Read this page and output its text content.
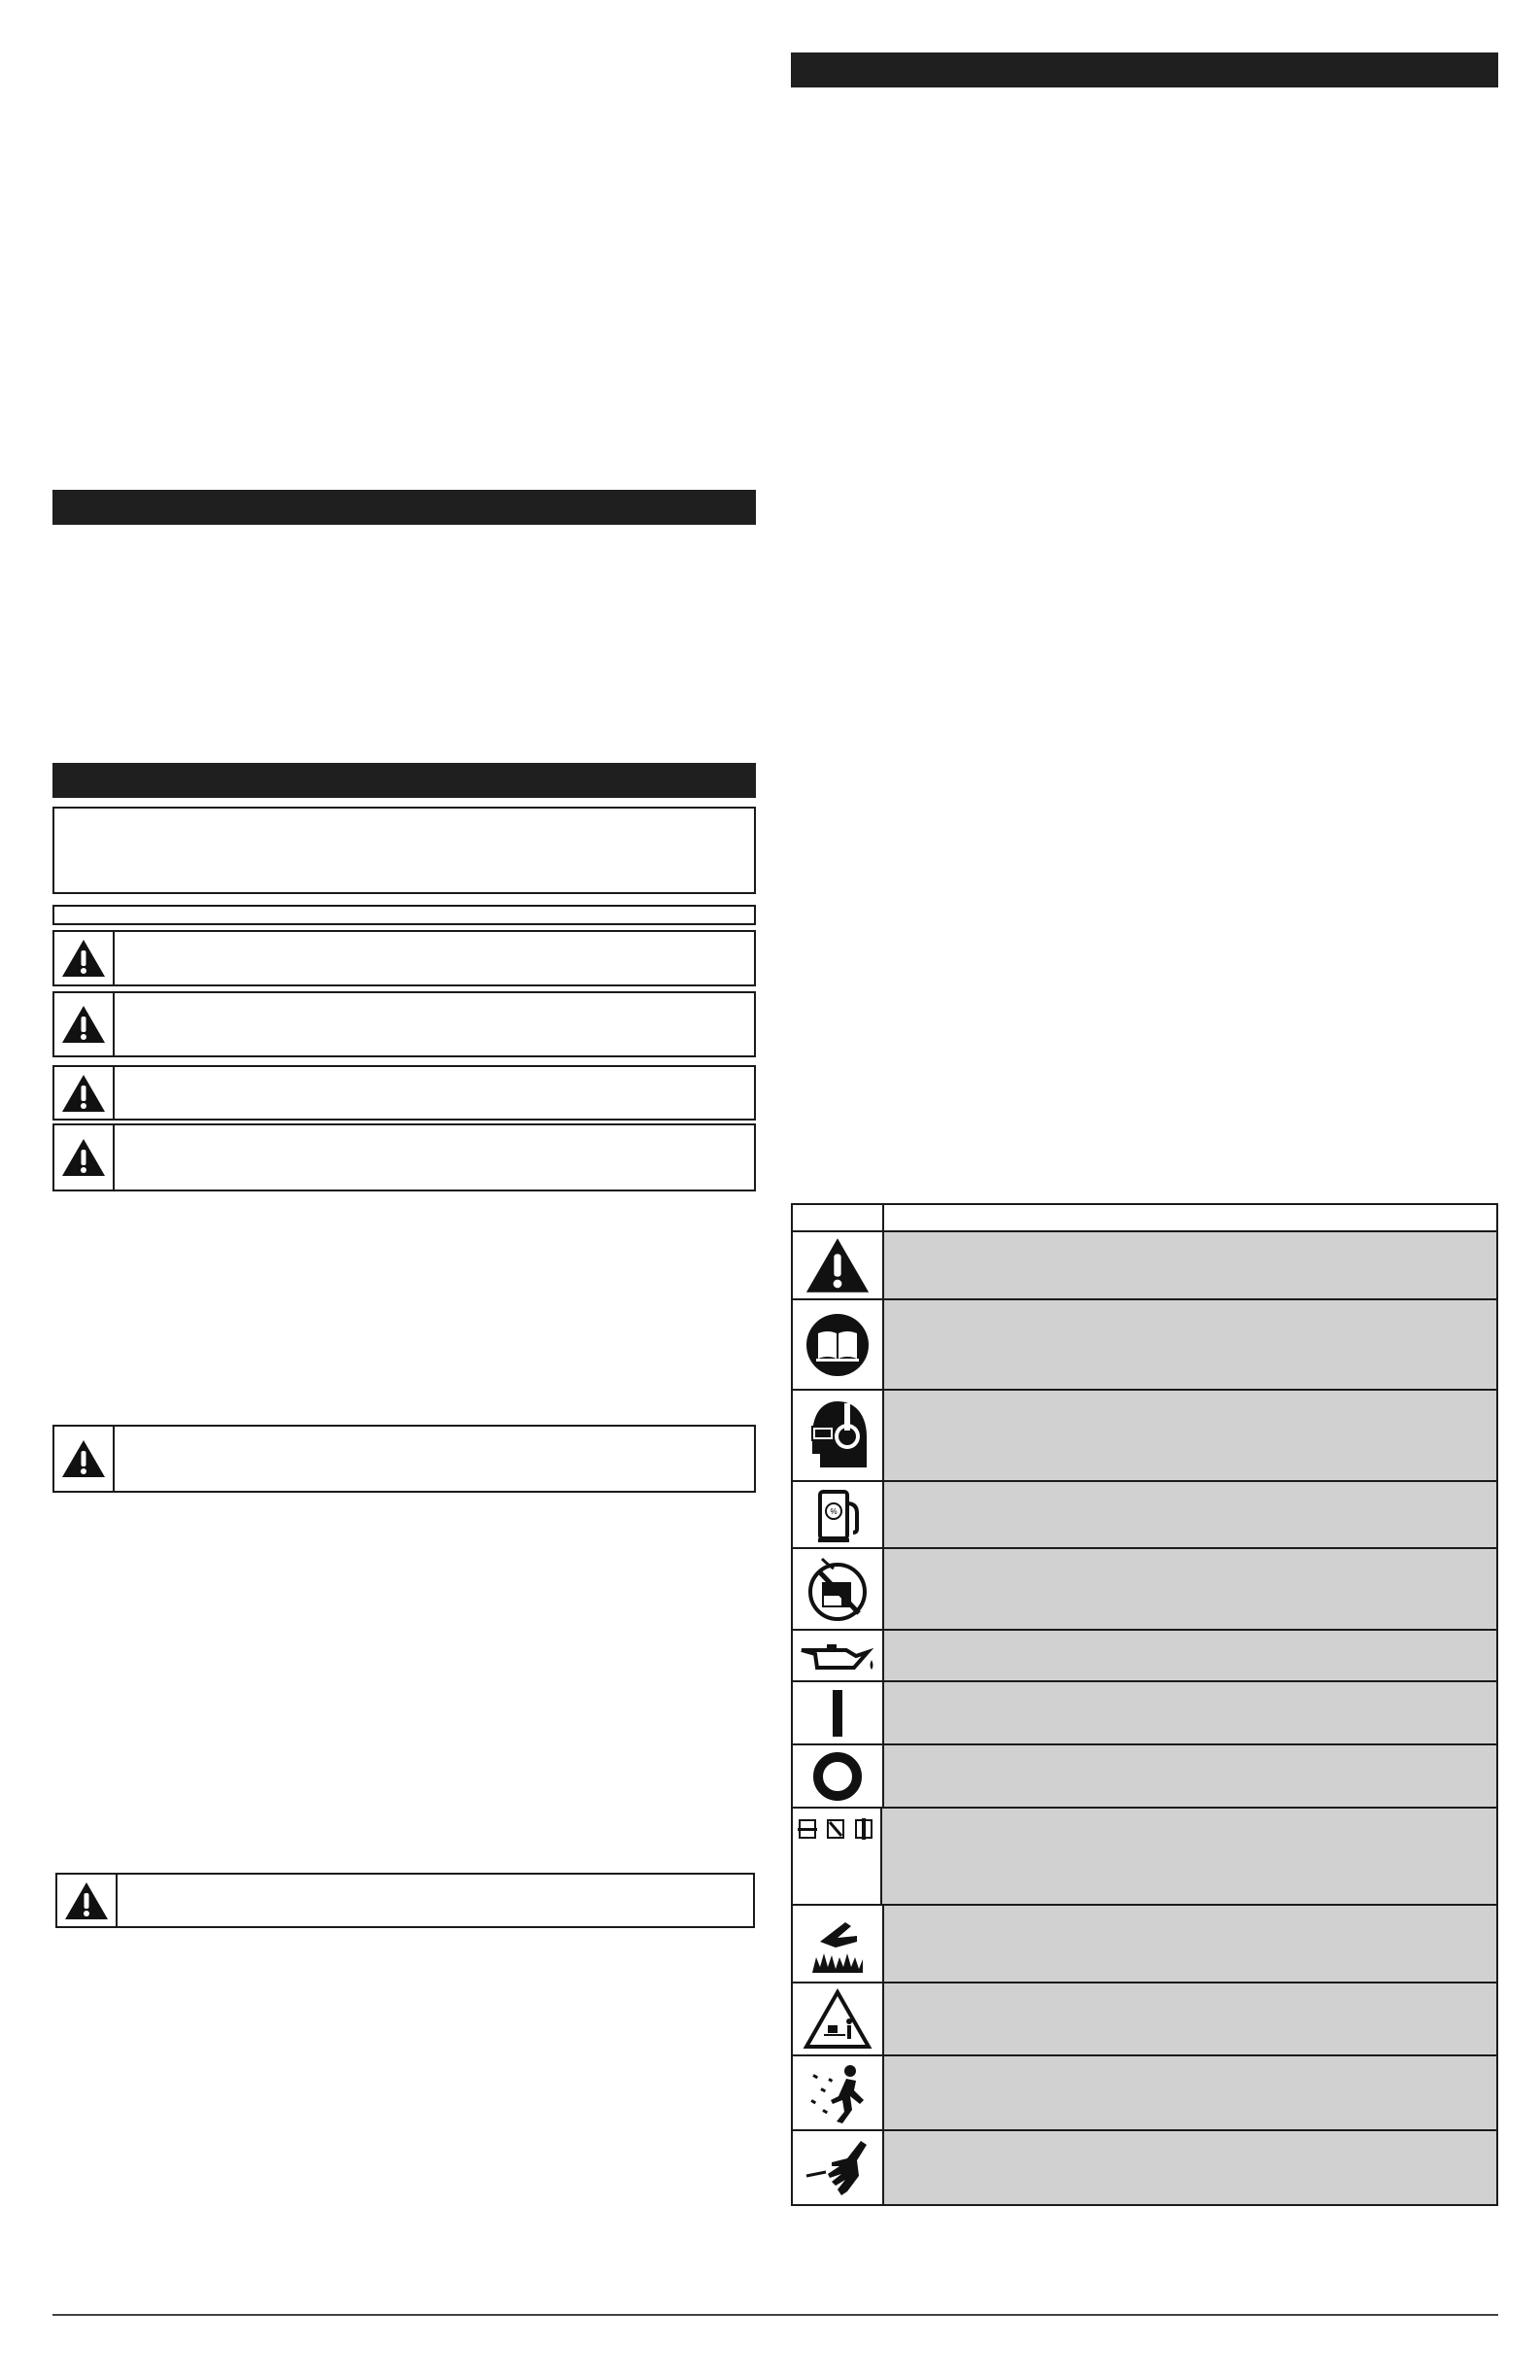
%
